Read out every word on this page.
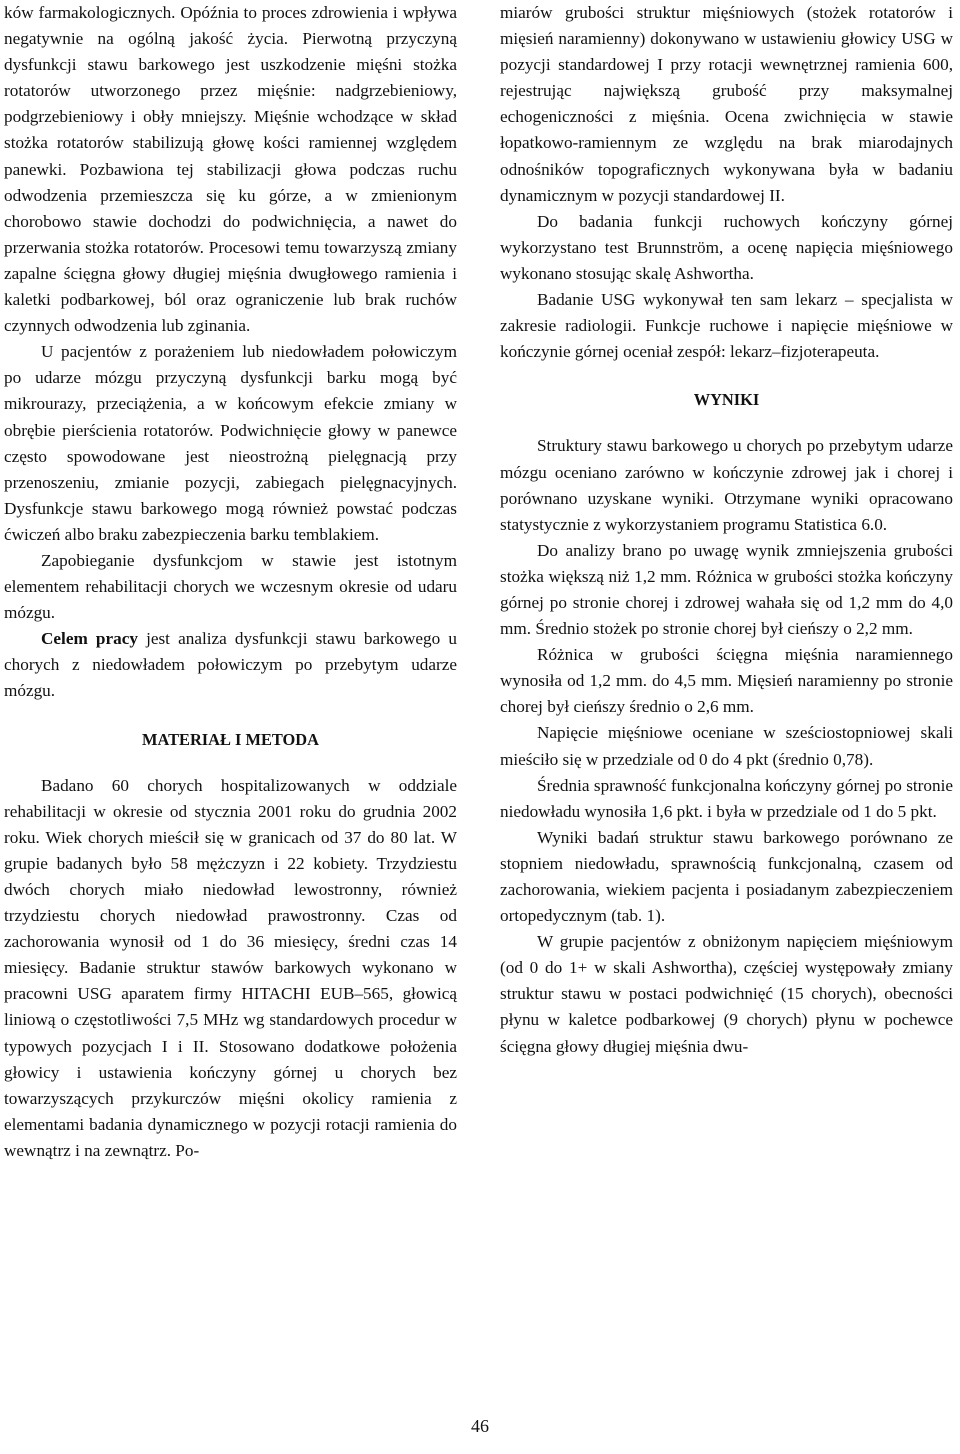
ków farmakologicznych. Opóźnia to proces zdrowienia i wpływa negatywnie na ogólną jakość życia. Pierwotną przyczyną dysfunkcji stawu barkowego jest uszkodzenie mięśni stożka rotatorów utworzonego przez mięśnie: nadgrzebieniowy, podgrzebieniowy i obły mniejszy. Mięśnie wchodzące w skład stożka rotatorów stabilizują głowę kości ramiennej względem panewki. Pozbawiona tej stabilizacji głowa podczas ruchu odwodzenia przemieszcza się ku górze, a w zmienionym chorobowo stawie dochodzi do podwichnięcia, a nawet do przerwania stożka rotatorów. Procesowi temu towarzyszą zmiany zapalne ścięgna głowy długiej mięśnia dwugłowego ramienia i kaletki podbarkowej, ból oraz ograniczenie lub brak ruchów czynnych odwodzenia lub zginania.

U pacjentów z porażeniem lub niedowładem połowiczym po udarze mózgu przyczyną dysfunkcji barku mogą być mikrourazy, przeciążenia, a w końcowym efekcie zmiany w obrębie pierścienia rotatorów. Podwichnięcie głowy w panewce często spowodowane jest nieostrożną pielęgnacją przy przenoszeniu, zmianie pozycji, zabiegach pielęgnacyjnych. Dysfunkcje stawu barkowego mogą również powstać podczas ćwiczeń albo braku zabezpieczenia barku temblakiem.

Zapobieganie dysfunkcjom w stawie jest istotnym elementem rehabilitacji chorych we wczesnym okresie od udaru mózgu.

Celem pracy jest analiza dysfunkcji stawu barkowego u chorych z niedowładem połowiczym po przebytym udarze mózgu.

MATERIAŁ I METODA

Badano 60 chorych hospitalizowanych w oddziale rehabilitacji w okresie od stycznia 2001 roku do grudnia 2002 roku. Wiek chorych mieścił się w granicach od 37 do 80 lat. W grupie badanych było 58 mężczyzn i 22 kobiety. Trzydziestu dwóch chorych miało niedowład lewostronny, również trzydziestu chorych niedowład prawostronny. Czas od zachorowania wynosił od 1 do 36 miesięcy, średni czas 14 miesięcy. Badanie struktur stawów barkowych wykonano w pracowni USG aparatem firmy HITACHI EUB–565, głowicą liniową o częstotliwości 7,5 MHz wg standardowych procedur w typowych pozycjach I i II. Stosowano dodatkowe położenia głowicy i ustawienia kończyny górnej u chorych bez towarzyszących przykurczów mięśni okolicy ramienia z elementami badania dynamicznego w pozycji rotacji ramienia do wewnątrz i na zewnątrz. Po-

miarów grubości struktur mięśniowych (stożek rotatorów i mięsień naramienny) dokonywano w ustawieniu głowicy USG w pozycji standardowej I przy rotacji wewnętrznej ramienia 600, rejestrując największą grubość przy maksymalnej echogeniczności z mięśnia. Ocena zwichnięcia w stawie łopatkowo-ramiennym ze względu na brak miarodajnych odnośników topograficznych wykonywana była w badaniu dynamicznym w pozycji standardowej II.

Do badania funkcji ruchowych kończyny górnej wykorzystano test Brunnström, a ocenę napięcia mięśniowego wykonano stosując skalę Ashwortha.

Badanie USG wykonywał ten sam lekarz – specjalista w zakresie radiologii. Funkcje ruchowe i napięcie mięśniowe w kończynie górnej oceniał zespół: lekarz–fizjoterapeuta.

WYNIKI

Struktury stawu barkowego u chorych po przebytym udarze mózgu oceniano zarówno w kończynie zdrowej jak i chorej i porównano uzyskane wyniki. Otrzymane wyniki opracowano statystycznie z wykorzystaniem programu Statistica 6.0.

Do analizy brano po uwagę wynik zmniejszenia grubości stożka większą niż 1,2 mm. Różnica w grubości stożka kończyny górnej po stronie chorej i zdrowej wahała się od 1,2 mm do 4,0 mm. Średnio stożek po stronie chorej był cieńszy o 2,2 mm.

Różnica w grubości ścięgna mięśnia naramiennego wynosiła od 1,2 mm. do 4,5 mm. Mięsień naramienny po stronie chorej był cieńszy średnio o 2,6 mm.

Napięcie mięśniowe oceniane w sześciostopniowej skali mieściło się w przedziale od 0 do 4 pkt (średnio 0,78).

Średnia sprawność funkcjonalna kończyny górnej po stronie niedowładu wynosiła 1,6 pkt. i była w przedziale od 1 do 5 pkt.

Wyniki badań struktur stawu barkowego porównano ze stopniem niedowładu, sprawnością funkcjonalną, czasem od zachorowania, wiekiem pacjenta i posiadanym zabezpieczeniem ortopedycznym (tab. 1).

W grupie pacjentów z obniżonym napięciem mięśniowym (od 0 do 1+ w skali Ashwortha), częściej występowały zmiany struktur stawu w postaci podwichnięć (15 chorych), obecności płynu w kaletce podbarkowej (9 chorych) płynu w pochewce ścięgna głowy długiej mięśnia dwu-

46
